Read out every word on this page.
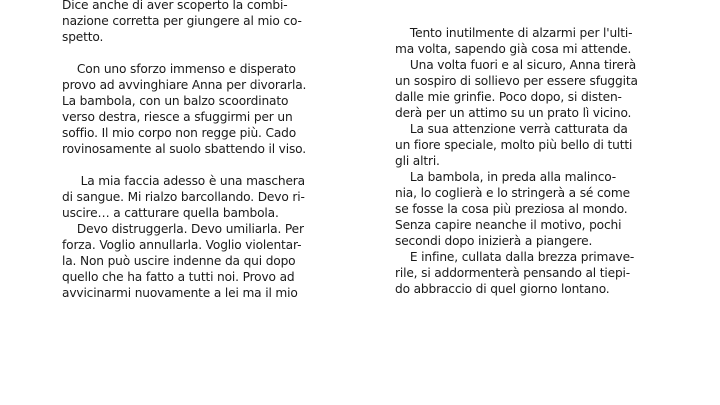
Dice anche di aver scoperto la combi-
nazione corretta per giungere al mio co-
spetto.
Con uno sforzo immenso e disperato
provo ad avvinghiare Anna per divorarla.
La bambola, con un balzo scoordinato
verso destra, riesce a sfuggirmi per un
soffio. Il mio corpo non regge più. Cado
rovinosamente al suolo sbattendo il viso.
La mia faccia adesso è una maschera
di sangue. Mi rialzo barcollando. Devo ri-
uscire… a catturare quella bambola.
Devo distruggerla. Devo umiliarla. Per
forza. Voglio annullarla. Voglio violentar-
la. Non può uscire indenne da qui dopo
quello che ha fatto a tutti noi. Provo ad
avvicinarmi nuovamente a lei ma il mio
Tento inutilmente di alzarmi per l'ulti-
ma volta, sapendo già cosa mi attende.
Una volta fuori e al sicuro, Anna tirerà
un sospiro di sollievo per essere sfuggita
dalle mie grinfie. Poco dopo, si disten-
derà per un attimo su un prato lì vicino.
La sua attenzione verrà catturata da
un fiore speciale, molto più bello di tutti
gli altri.
La bambola, in preda alla malinco-
nia, lo coglierà e lo stringerà a sé come
se fosse la cosa più preziosa al mondo.
Senza capire neanche il motivo, pochi
secondi dopo inizierà a piangere.
E infine, cullata dalla brezza primave-
rile, si addormenterà pensando al tiepi-
do abbraccio di quel giorno lontano.
